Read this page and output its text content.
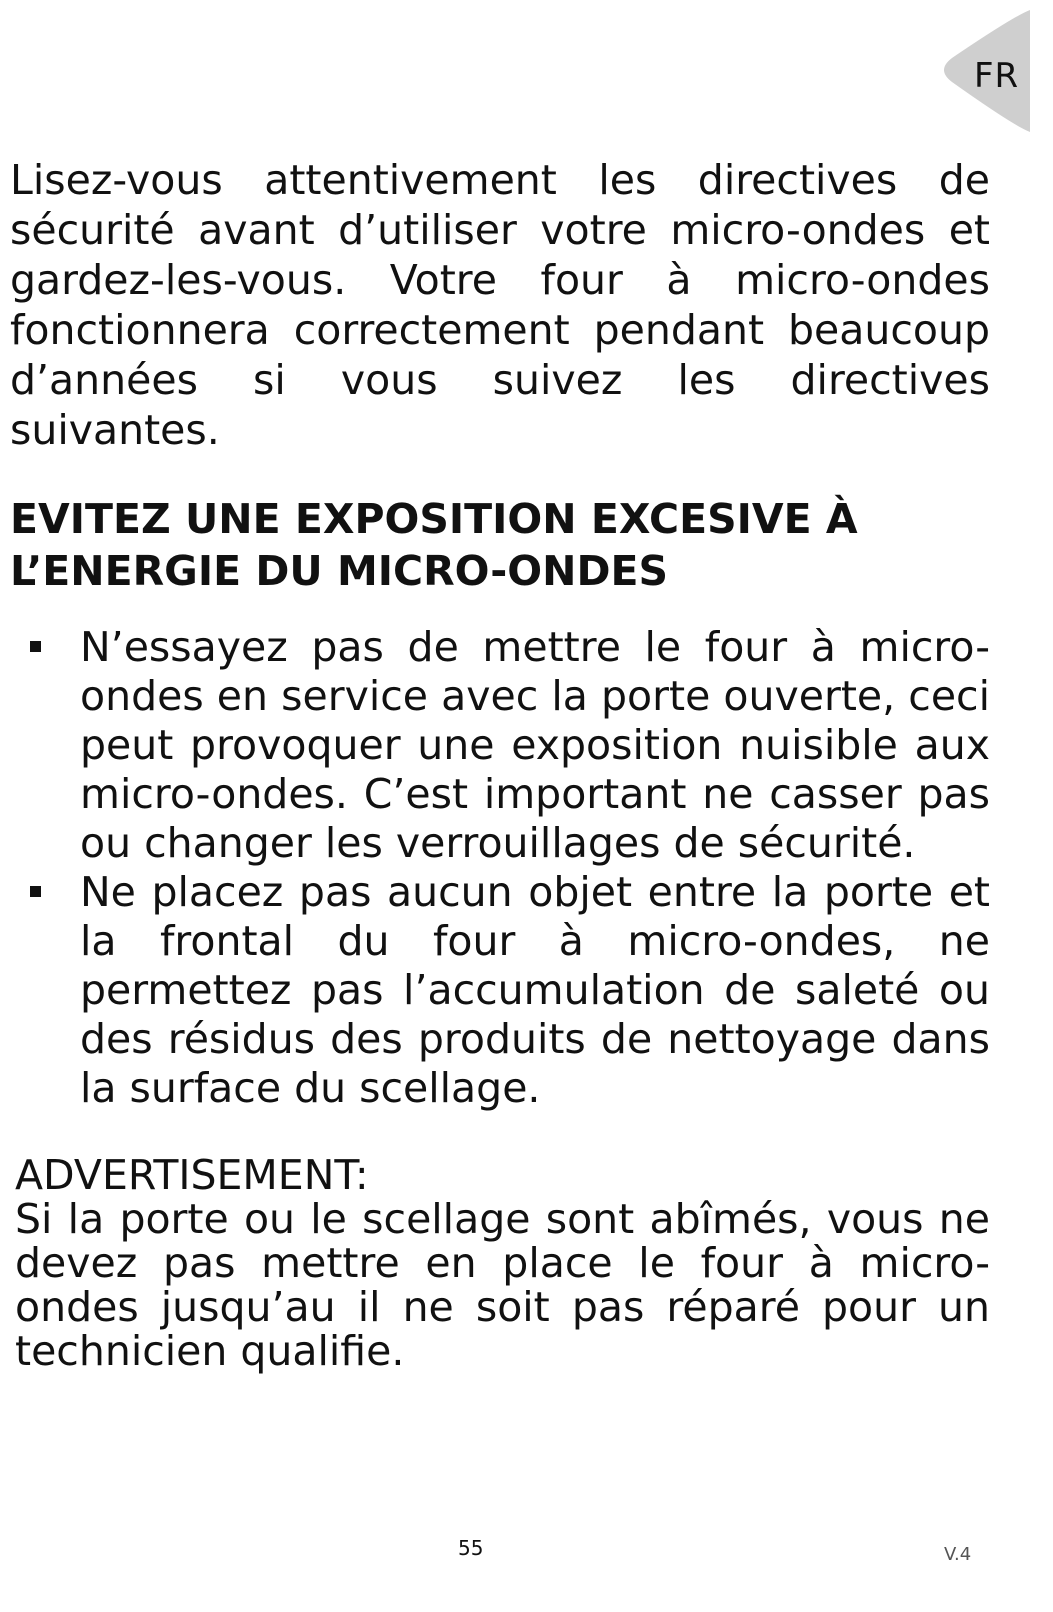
FR

Lisez-vous attentivement les directives de sécurité avant d’utiliser votre micro-ondes et gardez-les-vous. Votre four à micro-ondes fonctionnera correctement pendant beaucoup d’années si vous suivez les directives suivantes.

EVITEZ UNE EXPOSITION EXCESIVE À L’ENERGIE DU MICRO-ONDES
N’essayez pas de mettre le four à micro-ondes en service avec la porte ouverte, ceci peut provoquer une exposition nuisible aux micro-ondes. C’est important ne casser pas ou changer les verrouillages de sécurité.
Ne placez pas aucun objet entre la porte et la frontal du four à micro-ondes, ne permettez pas l’accumulation de saleté ou des résidus des produits de nettoyage dans la surface du scellage.

ADVERTISEMENT:

Si la porte ou le scellage sont abîmés, vous ne devez pas mettre en place le four à micro-ondes jusqu’au il ne soit pas réparé pour un technicien qualifie.

55	V.4
